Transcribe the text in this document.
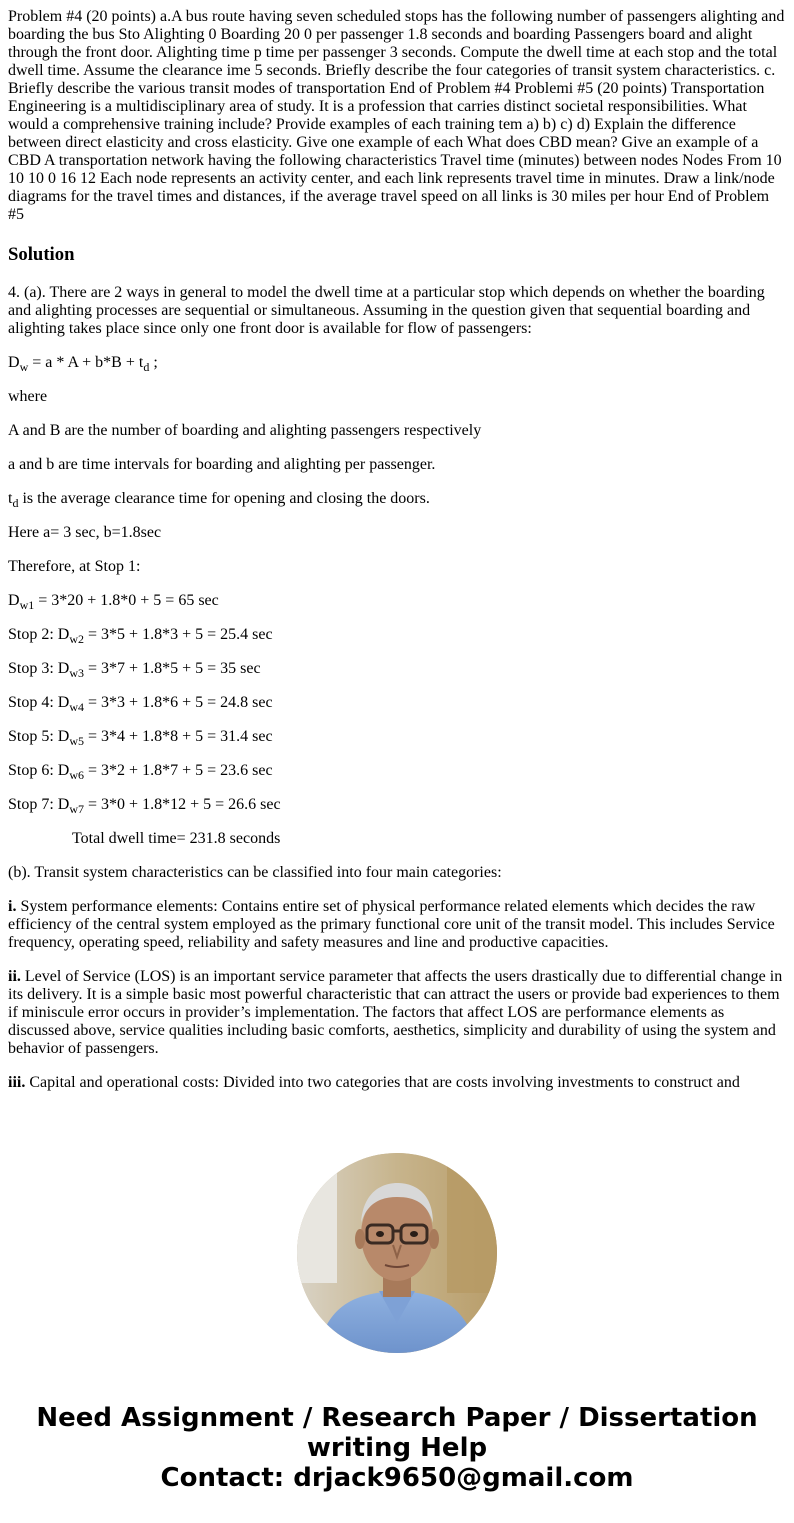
Problem #4 (20 points) a.A bus route having seven scheduled stops has the following number of passengers alighting and boarding the bus Sto Alighting 0 Boarding 20 0 per passenger 1.8 seconds and boarding Passengers board and alight through the front door. Alighting time p time per passenger 3 seconds. Compute the dwell time at each stop and the total dwell time. Assume the clearance ime 5 seconds. Briefly describe the four categories of transit system characteristics. c. Briefly describe the various transit modes of transportation End of Problem #4 Problemi #5 (20 points) Transportation Engineering is a multidisciplinary area of study. It is a profession that carries distinct societal responsibilities. What would a comprehensive training include? Provide examples of each training tem a) b) c) d) Explain the difference between direct elasticity and cross elasticity. Give one example of each What does CBD mean? Give an example of a CBD A transportation network having the following characteristics Travel time (minutes) between nodes Nodes From 10 10 10 0 16 12 Each node represents an activity center, and each link represents travel time in minutes. Draw a link/node diagrams for the travel times and distances, if the average travel speed on all links is 30 miles per hour End of Problem #5

Solution

4. (a). There are 2 ways in general to model the dwell time at a particular stop which depends on whether the boarding and alighting processes are sequential or simultaneous. Assuming in the question given that sequential boarding and alighting takes place since only one front door is available for flow of passengers:

$D_w = a * A + b*B + t_d$ ;

where

A and B are the number of boarding and alighting passengers respectively

a and b are time intervals for boarding and alighting per passenger.

$t_d$ is the average clearance time for opening and closing the doors.

Here a= 3 sec, b=1.8sec

Therefore, at Stop 1:

$D_{w1} = 3*20 + 1.8*0 + 5 = 65$ sec

Stop 2: $D_{w2} = 3*5 + 1.8*3 + 5 = 25.4$ sec

Stop 3: $D_{w3} = 3*7 + 1.8*5 + 5 = 35$ sec

Stop 4: $D_{w4} = 3*3 + 1.8*6 + 5 = 24.8$ sec

Stop 5: $D_{w5} = 3*4 + 1.8*8 + 5 = 31.4$ sec

Stop 6: $D_{w6} = 3*2 + 1.8*7 + 5 = 23.6$ sec

Stop 7: $D_{w7} = 3*0 + 1.8*12 + 5 = 26.6$ sec

Total dwell time= 231.8 seconds

(b). Transit system characteristics can be classified into four main categories:

i. System performance elements: Contains entire set of physical performance related elements which decides the raw efficiency of the central system employed as the primary functional core unit of the transit model. This includes Service frequency, operating speed, reliability and safety measures and line and productive capacities.

ii. Level of Service (LOS) is an important service parameter that affects the users drastically due to differential change in its delivery. It is a simple basic most powerful characteristic that can attract the users or provide bad experiences to them if miniscule error occurs in provider’s implementation. The factors that affect LOS are performance elements as discussed above, service qualities including basic comforts, aesthetics, simplicity and durability of using the system and behavior of passengers.

iii. Capital and operational costs: Divided into two categories that are costs involving investments to construct and

Need Assignment / Research Paper / Dissertation
writing Help
Contact: drjack9650@gmail.com
